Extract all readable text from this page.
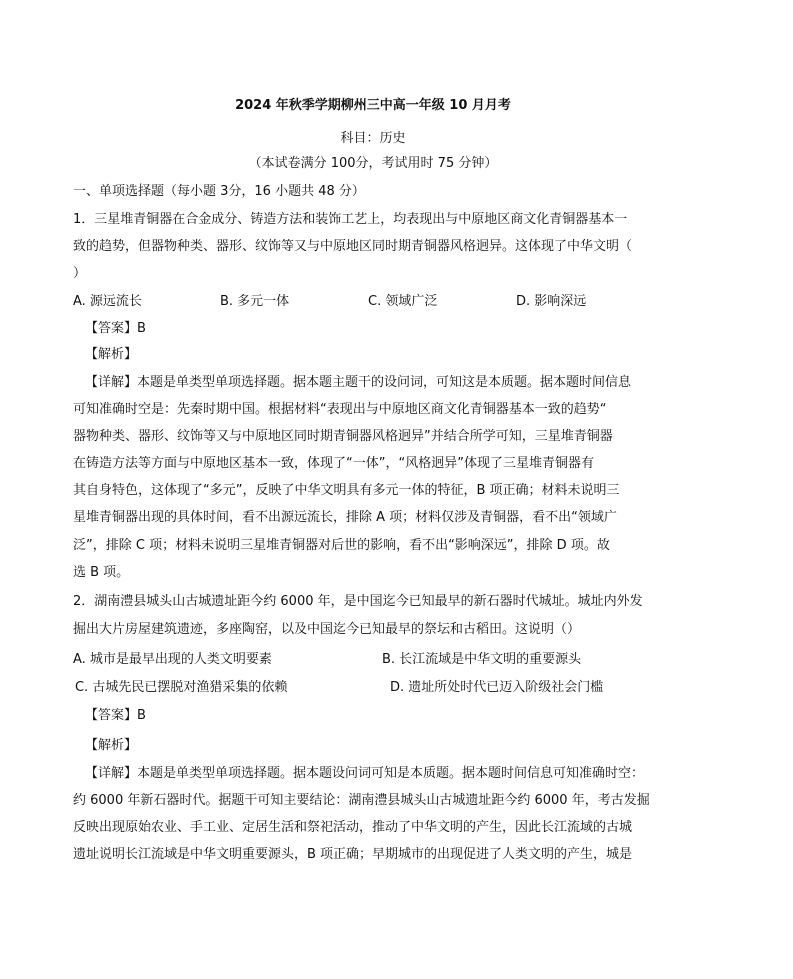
2024 年秋季学期柳州三中高一年级 10 月月考
科目：历史
（本试卷满分 100分，考试用时 75 分钟）
一、单项选择题（每小题 3分，16 小题共 48 分）
1．三星堆青铜器在合金成分、铸造方法和装饰工艺上，均表现出与中原地区商文化青铜器基本一
致的趋势，但器物种类、器形、纹饰等又与中原地区同时期青铜器风格迥异。这体现了中华文明（
）
A. 源远流长	B. 多元一体	C. 领域广泛	D. 影响深远
【答案】B
【解析】
【详解】本题是单类型单项选择题。据本题主题干的设问词，可知这是本质题。据本题时间信息
可知准确时空是：先秦时期中国。根据材料“表现出与中原地区商文化青铜器基本一致的趋势“
器物种类、器形、纹饰等又与中原地区同时期青铜器风格迥异”并结合所学可知，三星堆青铜器
在铸造方法等方面与中原地区基本一致，体现了“一体”，“风格迥异”体现了三星堆青铜器有
其自身特色，这体现了“多元”，反映了中华文明具有多元一体的特征，B 项正确；材料未说明三
星堆青铜器出现的具体时间，看不出源远流长，排除 A 项；材料仅涉及青铜器，看不出“领域广
泛”，排除 C 项；材料未说明三星堆青铜器对后世的影响，看不出“影响深远”，排除 D 项。故
选 B 项。
2．湖南澧县城头山古城遗址距今约 6000 年，是中国迄今已知最早的新石器时代城址。城址内外发
掘出大片房屋建筑遗迹，多座陶窑，以及中国迄今已知最早的祭坛和古稻田。这说明（）
A. 城市是最早出现的人类文明要素	B. 长江流域是中华文明的重要源头
C. 古城先民已摆脱对渔猎采集的依赖	D. 遗址所处时代已迈入阶级社会门槛
【答案】B
【解析】
【详解】本题是单类型单项选择题。据本题设问词可知是本质题。据本题时间信息可知准确时空：
约 6000 年新石器时代。据题干可知主要结论：湖南澧县城头山古城遗址距今约 6000 年，考古发掘
反映出现原始农业、手工业、定居生活和祭祀活动，推动了中华文明的产生，因此长江流域的古城
遗址说明长江流域是中华文明重要源头，B 项正确；早期城市的出现促进了人类文明的产生，城是
